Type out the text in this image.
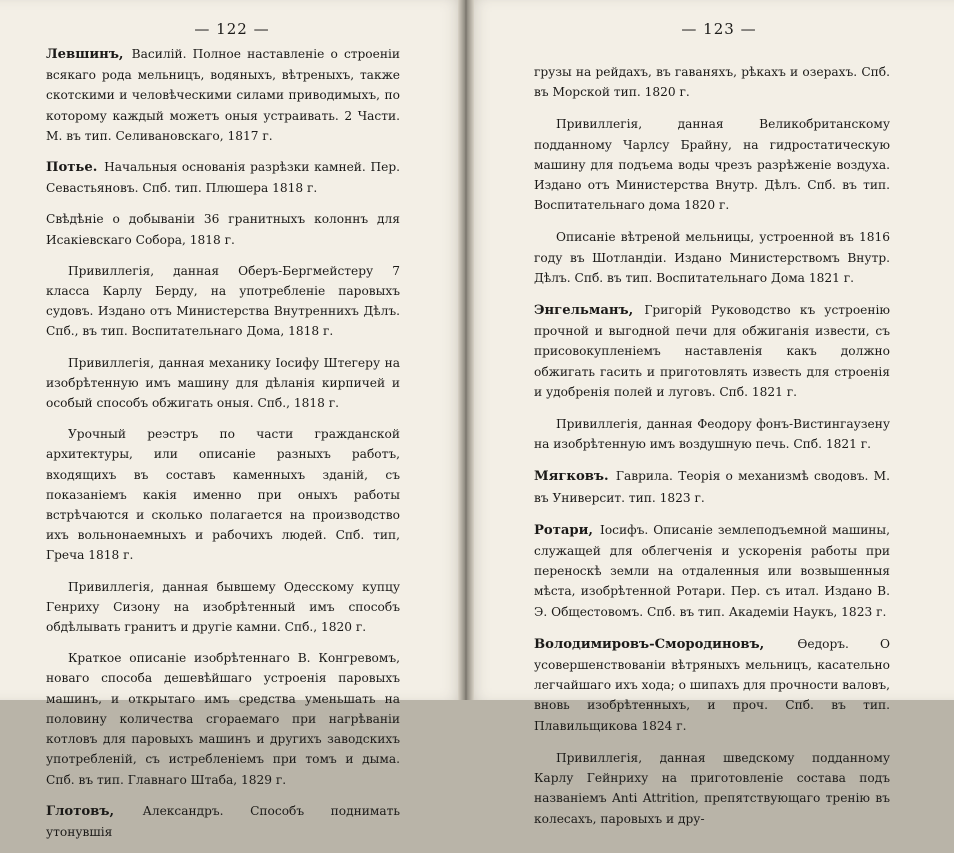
— 122 —

Левшинъ, Василій. Полное наставленіе о строеніи всякаго рода мельницъ, водяныхъ, вѣтреныхъ, также скотскими и человѣческими силами приводимыхъ, по которому каждый можетъ оныя устраивать. 2 Части. М. въ тип. Селивановскаго, 1817 г.

Потье. Начальныя основанія разрѣзки камней. Пер. Севастьяновъ. Спб. тип. Плюшера 1818 г.

Свѣдѣніе о добываніи 36 гранитныхъ колоннъ для Исакіевскаго Собора, 1818 г.

Привиллегія, данная Оберъ-Бергмейстеру 7 класса Карлу Берду, на употребленіе паровыхъ судовъ. Издано отъ Министерства Внутреннихъ Дѣлъ. Спб., въ тип. Воспитательнаго Дома, 1818 г.

Привиллегія, данная механику Іосифу Штегеру на изобрѣтенную имъ машину для дѣланія кирпичей и особый способъ обжигать оныя. Спб., 1818 г.

Урочный реэстръ по части гражданской архитектуры, или описаніе разныхъ работъ, входящихъ въ составъ каменныхъ зданій, съ показаніемъ какія именно при оныхъ работы встрѣчаются и сколько полагается на производство ихъ вольнонаемныхъ и рабочихъ людей. Спб. тип, Греча 1818 г.

Привиллегія, данная бывшему Одесскому купцу Генриху Сизону на изобрѣтенный имъ способъ обдѣлывать гранитъ и другіе камни. Спб., 1820 г.

Краткое описаніе изобрѣтеннаго В. Конгревомъ, новаго способа дешевѣйшаго устроенія паровыхъ машинъ, и открытаго имъ средства уменьшать на половину количества сгораемаго при нагрѣваніи котловъ для паровыхъ машинъ и другихъ заводскихъ употребленій, съ истребленіемъ при томъ и дыма. Спб. въ тип. Главнаго Штаба, 1829 г.

Глотовъ, Александръ. Способъ поднимать утонувшія

— 123 —

грузы на рейдахъ, въ гаваняхъ, рѣкахъ и озерахъ. Спб. въ Морской тип. 1820 г.

Привиллегія, данная Великобританскому подданному Чарлсу Брайну, на гидростатическую машину для подъема воды чрезъ разрѣженіе воздуха. Издано отъ Министерства Внутр. Дѣлъ. Спб. въ тип. Воспитательнаго дома 1820 г.

Описаніе вѣтреной мельницы, устроенной въ 1816 году въ Шотландіи. Издано Министерствомъ Внутр. Дѣлъ. Спб. въ тип. Воспитательнаго Дома 1821 г.

Энгельманъ, Григорій Руководство къ устроенію прочной и выгодной печи для обжиганія извести, съ присовокупленіемъ наставленія какъ должно обжигать гасить и приготовлять известь для строенія и удобренія полей и луговъ. Спб. 1821 г.

Привиллегія, данная Феодору фонъ-Вистингаузену на изобрѣтенную имъ воздушную печь. Спб. 1821 г.

Мягковъ. Гаврила. Теорія о механизмѣ сводовъ. М. въ Университ. тип. 1823 г.

Ротари, Іосифъ. Описаніе землеподъемной машины, служащей для облегченія и ускоренія работы при переноскѣ земли на отдаленныя или возвышенныя мѣста, изобрѣтенной Ротари. Пер. съ итал. Издано В. Э. Общестовомъ. Спб. въ тип. Академіи Наукъ, 1823 г.

Володимировъ-Смородиновъ,	Өедоръ. О усовершенствованіи вѣтряныхъ мельницъ, касательно легчайшаго ихъ хода; о шипахъ для прочности валовъ, вновь изобрѣтенныхъ, и проч. Спб. въ тип. Плавильщикова 1824 г.

Привиллегія, данная шведскому подданному Карлу Гейнриху на приготовленіе состава подъ названіемъ Anti Attrition, препятствующаго тренію въ колесахъ, паровыхъ и дру-
